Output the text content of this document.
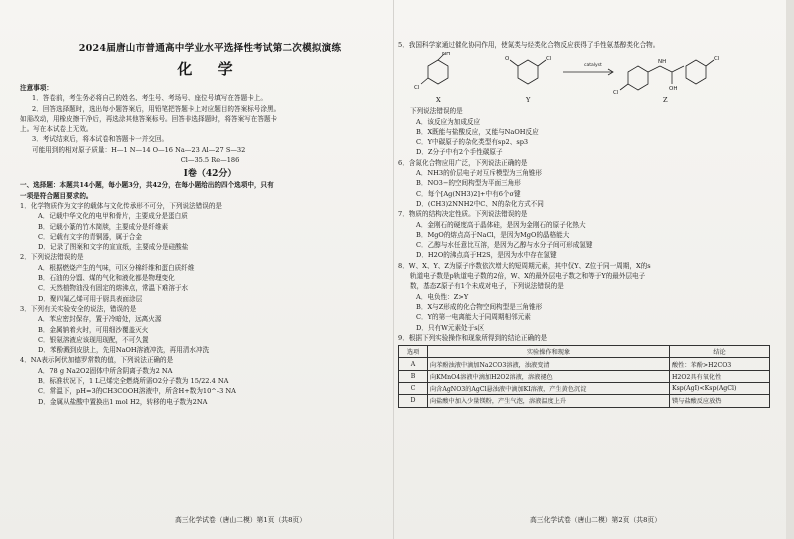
2024届唐山市普通高中学业水平选择性考试第二次模拟演练
化 学
注意事项：
1．答卷前，考生务必将自己的姓名、考生号、考场号、座位号填写在答题卡上。
2．回答选择题时，选出每小题答案后，用铅笔把答题卡上对应题目的答案标号涂黑。
如需改动，用橡皮擦干净后，再选涂其他答案标号。回答非选择题时，将答案写在答题卡
上。写在本试卷上无效。
3．考试结束后，将本试卷和答题卡一并交回。
可能用到的相对原子质量：H—1 N—14 O—16 Na—23 Al—27 S—32
Cl—35.5 Re—186
Ⅰ卷（42分）
一、选择题：本题共14小题，每小题3分，共42分，在每小题给出的四个选项中，只有
一项是符合题目要求的。
1．化学物质作为文字的载体与文化传承形不可分，下列说法错误的是
A．记载中华文化的电甲和骨片，主要成分是蛋白质
B．记载小篆的竹木简牍，主要成分是纤维素
C．记载有文字的青铜器，属于合金
D．记录了图案和文字的宣宣纸，主要成分是硅酸盐
2．下列说法错误的是
A．根据燃烧产生的气味，可区分棉纤维和蛋白质纤维
B．石油的分馏、煤的气化和液化都是物理变化
C．天然植物油没有固定的熔沸点，常温下难溶于水
D．聚四氟乙烯可用于厨具表面涂层
3．下列有关实验安全的说法，错误的是
A．苯应密封保存，置于冷暗处，远离火源
B．金属钠着火时，可用细沙覆盖灭火
C．银氨溶液应该现用现配，不可久置
D．苯酚溅到皮肤上，先用NaOH溶液冲洗，再用清水冲洗
4．NA表示阿伏加德罗常数的值，下列说法正确的是
A．78 g Na2O2固体中所含阴离子数为2 NA
B．标准状况下，1 L已烯完全燃烧所需O2分子数为 15/22.4 NA
C．常温下，pH=3的CH3COOH溶液中，所含H+数为10^-3 NA
D．金属从盐酸中置换出1 mol H2，转移的电子数为2NA
高三化学试卷（唐山二模）第1页（共8页）
5．我国科学家通过催化协同作用，使氮类与烃类化合物反应获得了手性氨基醇类化合物。
NH
Cl
O	Cl
catalyst
NH
OH
Cl
Cl
X	Y	Z
下列说法错误的是
A．该反应为加成反应
B．X既能与盐酸反应，又能与NaOH反应
C．Y中碳原子的杂化类型有sp2、sp3
D．Z分子中有2个手性碳原子
6．含氮化合物应用广泛，下列说法正确的是
A．NH3的价层电子对互斥模型为三角锥形
B．NO3−的空间构型为平面三角形
C．每个[Ag(NH3)2]+中有6个σ键
D．(CH3)2NNH2中C、N的杂化方式不同
7．物质的结构决定性质。下列说法错误的是
A．金刚石的硬度高于晶体硅，是因为金刚石的原子化热大
B．MgO的熔点高于NaCl，是因为MgO的晶格能大
C．乙醇与水任意比互溶，是因为乙醇与水分子间可形成氢键
D．H2O的沸点高于H2S，是因为水中存在氢键
8．W、X、Y、Z为原子序数依次增大的短周期元素，其中仅Y、Z位于同一周期，X的s
轨道电子数是p轨道电子数的2倍，W、X的最外层电子数之和等于Y的最外层电子
数，基态Z原子有1个未成对电子，下列说法错误的是
A．电负性：Z>Y
B．X与Z形成的化合物空间构型是三角锥形
C．Y的第一电离能大于同周期相邻元素
D．只有W元素处于s区
9．根据下列实验操作和现象所得到的结论正确的是
选项	实验操作和现象	结论
A	向苯酚浊液中滴加Na2CO3溶液，浊液变清	酸性：苯酚>H2CO3
B	向KMnO4溶液中滴加H2O2溶液，溶液褪色	H2O2具有氧化性
C	向含AgNO3的AgCl悬浊液中滴加KI溶液，产生黄色沉淀	Ksp(AgI)<Ksp(AgCl)
D	向盐酸中加入少量镁粉，产生气泡，溶液温度上升	镁与盐酸反应放热
高三化学试卷（唐山二模）第2页（共8页）
